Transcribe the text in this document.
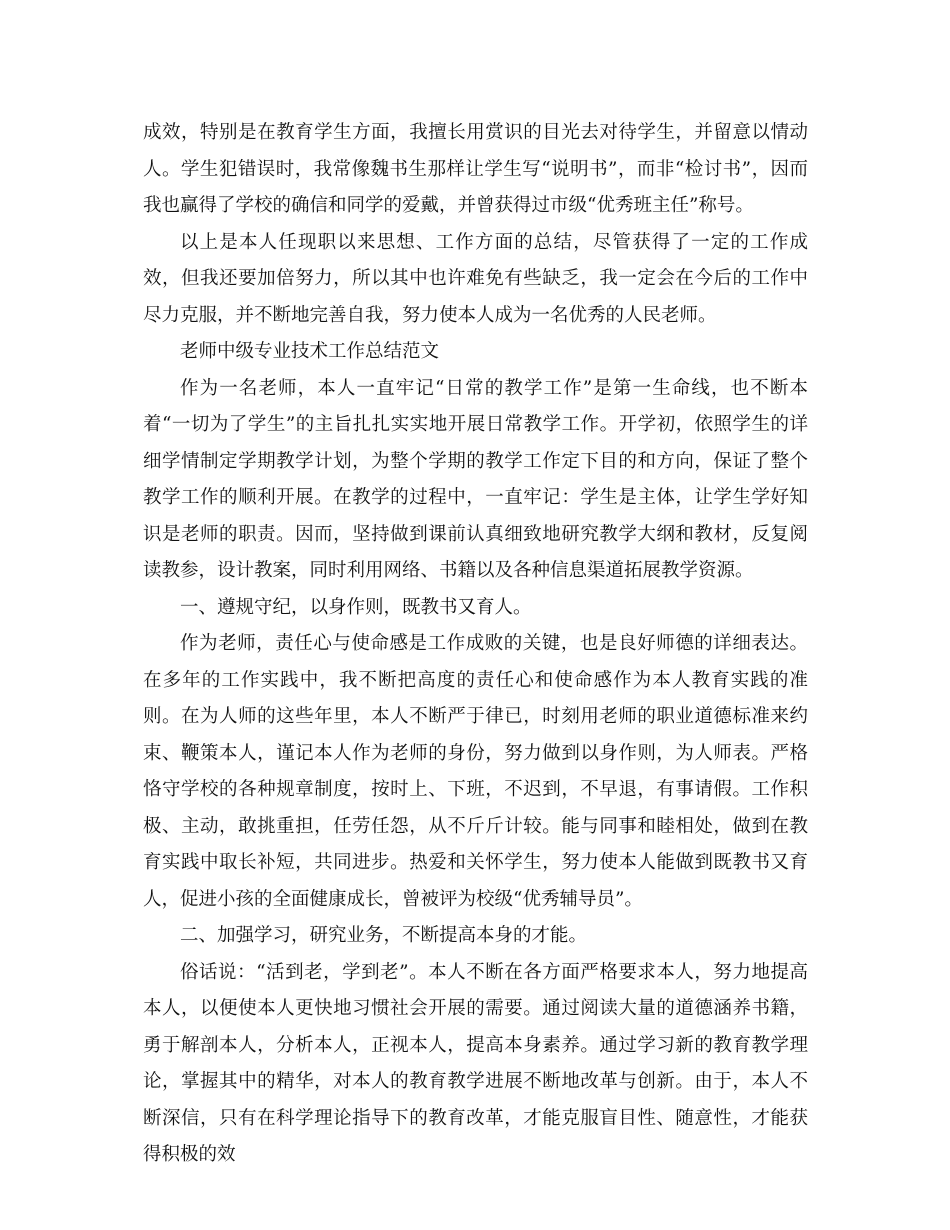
成效，特别是在教育学生方面，我擅长用赏识的目光去对待学生，并留意以情动人。学生犯错误时，我常像魏书生那样让学生写“说明书”，而非“检讨书”，因而我也赢得了学校的确信和同学的爱戴，并曾获得过市级“优秀班主任”称号。

以上是本人任现职以来思想、工作方面的总结，尽管获得了一定的工作成效，但我还要加倍努力，所以其中也许难免有些缺乏，我一定会在今后的工作中尽力克服，并不断地完善自我，努力使本人成为一名优秀的人民老师。

老师中级专业技术工作总结范文

作为一名老师，本人一直牢记“日常的教学工作”是第一生命线，也不断本着“一切为了学生”的主旨扎扎实实地开展日常教学工作。开学初，依照学生的详细学情制定学期教学计划，为整个学期的教学工作定下目的和方向，保证了整个教学工作的顺利开展。在教学的过程中，一直牢记：学生是主体，让学生学好知识是老师的职责。因而，坚持做到课前认真细致地研究教学大纲和教材，反复阅读教参，设计教案，同时利用网络、书籍以及各种信息渠道拓展教学资源。

一、遵规守纪，以身作则，既教书又育人。

作为老师，责任心与使命感是工作成败的关键，也是良好师德的详细表达。在多年的工作实践中，我不断把高度的责任心和使命感作为本人教育实践的准则。在为人师的这些年里，本人不断严于律已，时刻用老师的职业道德标准来约束、鞭策本人，谨记本人作为老师的身份，努力做到以身作则，为人师表。严格恪守学校的各种规章制度，按时上、下班，不迟到，不早退，有事请假。工作积极、主动，敢挑重担，任劳任怨，从不斤斤计较。能与同事和睦相处，做到在教育实践中取长补短，共同进步。热爱和关怀学生，努力使本人能做到既教书又育人，促进小孩的全面健康成长，曾被评为校级“优秀辅导员”。

二、加强学习，研究业务，不断提高本身的才能。

俗话说：“活到老，学到老”。本人不断在各方面严格要求本人，努力地提高本人，以便使本人更快地习惯社会开展的需要。通过阅读大量的道德涵养书籍，勇于解剖本人，分析本人，正视本人，提高本身素养。通过学习新的教育教学理论，掌握其中的精华，对本人的教育教学进展不断地改革与创新。由于，本人不断深信，只有在科学理论指导下的教育改革，才能克服盲目性、随意性，才能获得积极的效
